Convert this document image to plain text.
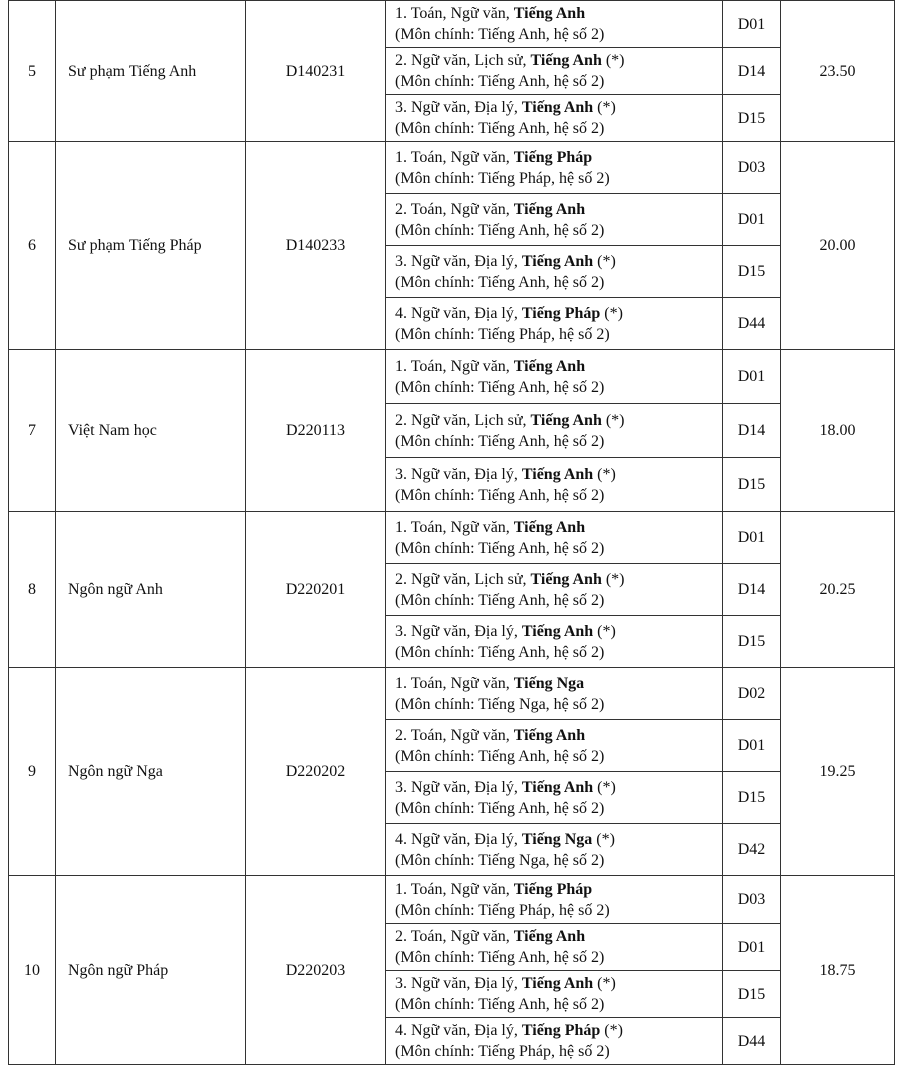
5	Sư phạm Tiếng Anh	D140231	1. Toán, Ngữ văn, Tiếng Anh
(Môn chính: Tiếng Anh, hệ số 2)	D01	23.50

			2. Ngữ văn, Lịch sử, Tiếng Anh (*)
(Môn chính: Tiếng Anh, hệ số 2)	D14	

			3. Ngữ văn, Địa lý, Tiếng Anh (*)
(Môn chính: Tiếng Anh, hệ số 2)	D15	
6	Sư phạm Tiếng Pháp	D140233	1. Toán, Ngữ văn, Tiếng Pháp
(Môn chính: Tiếng Pháp, hệ số 2)	D03	20.00

			2. Toán, Ngữ văn, Tiếng Anh
(Môn chính: Tiếng Anh, hệ số 2)	D01	

			3. Ngữ văn, Địa lý, Tiếng Anh (*)
(Môn chính: Tiếng Anh, hệ số 2)	D15	

			4. Ngữ văn, Địa lý, Tiếng Pháp (*)
(Môn chính: Tiếng Pháp, hệ số 2)	D44	
7	Việt Nam học	D220113	1. Toán, Ngữ văn, Tiếng Anh
(Môn chính: Tiếng Anh, hệ số 2)	D01	18.00

			2. Ngữ văn, Lịch sử, Tiếng Anh (*)
(Môn chính: Tiếng Anh, hệ số 2)	D14	

			3. Ngữ văn, Địa lý, Tiếng Anh (*)
(Môn chính: Tiếng Anh, hệ số 2)	D15	
8	Ngôn ngữ Anh	D220201	1. Toán, Ngữ văn, Tiếng Anh
(Môn chính: Tiếng Anh, hệ số 2)	D01	20.25

			2. Ngữ văn, Lịch sử, Tiếng Anh (*)
(Môn chính: Tiếng Anh, hệ số 2)	D14	

			3. Ngữ văn, Địa lý, Tiếng Anh (*)
(Môn chính: Tiếng Anh, hệ số 2)	D15	
9	Ngôn ngữ Nga	D220202	1. Toán, Ngữ văn, Tiếng Nga
(Môn chính: Tiếng Nga, hệ số 2)	D02	19.25

			2. Toán, Ngữ văn, Tiếng Anh
(Môn chính: Tiếng Anh, hệ số 2)	D01	

			3. Ngữ văn, Địa lý, Tiếng Anh (*)
(Môn chính: Tiếng Anh, hệ số 2)	D15	

			4. Ngữ văn, Địa lý, Tiếng Nga (*)
(Môn chính: Tiếng Nga, hệ số 2)	D42	
10	Ngôn ngữ Pháp	D220203	1. Toán, Ngữ văn, Tiếng Pháp
(Môn chính: Tiếng Pháp, hệ số 2)	D03	18.75

			2. Toán, Ngữ văn, Tiếng Anh
(Môn chính: Tiếng Anh, hệ số 2)	D01	

			3. Ngữ văn, Địa lý, Tiếng Anh (*)
(Môn chính: Tiếng Anh, hệ số 2)	D15	

			4. Ngữ văn, Địa lý, Tiếng Pháp (*)
(Môn chính: Tiếng Pháp, hệ số 2)	D44	
